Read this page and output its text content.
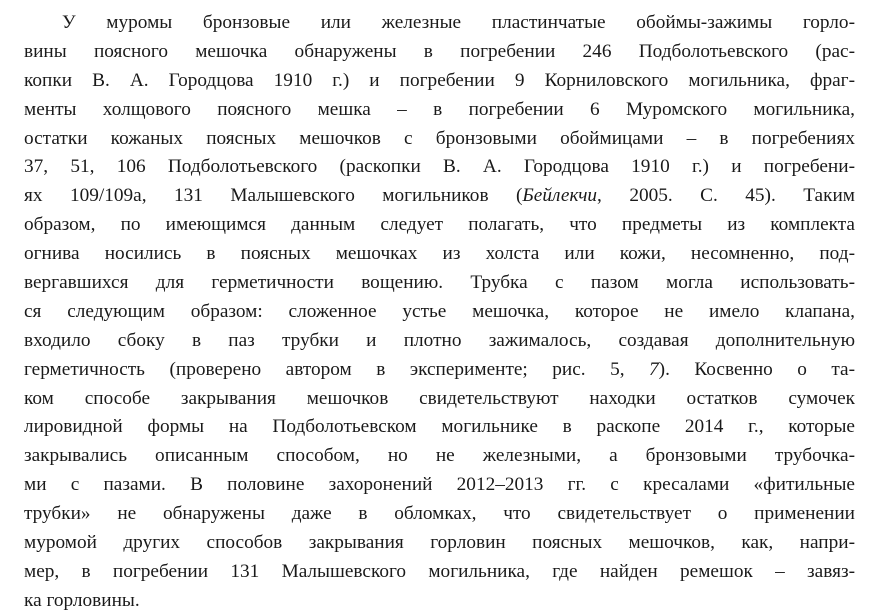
У муромы бронзовые или железные пластинчатые обоймы-зажимы горло-
вины поясного мешочка обнаружены в погребении 246 Подболотьевского (рас-
копки В. А. Городцова 1910 г.) и погребении 9 Корниловского могильника, фраг-
менты холщового поясного мешка – в погребении 6 Муромского могильника,
остатки кожаных поясных мешочков с бронзовыми обоймицами – в погребениях
37, 51, 106 Подболотьевского (раскопки В. А. Городцова 1910 г.) и погребени-
ях 109/109а, 131 Малышевского могильников (Бейлекчи, 2005. С. 45). Таким
образом, по имеющимся данным следует полагать, что предметы из комплекта
огнива носились в поясных мешочках из холста или кожи, несомненно, под-
вергавшихся для герметичности вощению. Трубка с пазом могла использовать-
ся следующим образом: сложенное устье мешочка, которое не имело клапана,
входило сбоку в паз трубки и плотно зажималось, создавая дополнительную
герметичность (проверено автором в эксперименте; рис. 5, 7). Косвенно о та-
ком способе закрывания мешочков свидетельствуют находки остатков сумочек
лировидной формы на Подболотьевском могильнике в раскопе 2014 г., которые
закрывались описанным способом, но не железными, а бронзовыми трубочка-
ми с пазами. В половине захоронений 2012–2013 гг. с кресалами «фитильные
трубки» не обнаружены даже в обломках, что свидетельствует о применении
муромой других способов закрывания горловин поясных мешочков, как, напри-
мер, в погребении 131 Малышевского могильника, где найден ремешок – завяз-
ка горловины.
